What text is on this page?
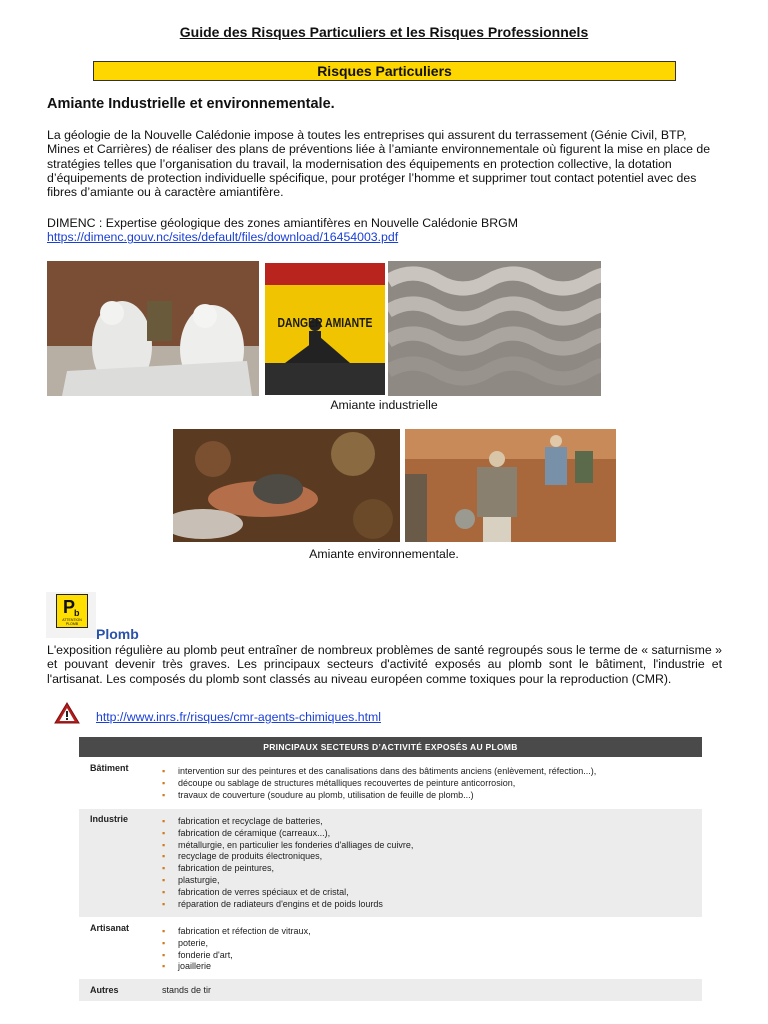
Guide des Risques Particuliers et les Risques Professionnels
Risques Particuliers
Amiante Industrielle et environnementale.
La géologie de la Nouvelle Calédonie impose à toutes les entreprises qui assurent du terrassement (Génie Civil, BTP, Mines et Carrières) de réaliser des plans de préventions liée à l’amiante environnementale où figurent la mise en place de stratégies telles que l’organisation du travail, la modernisation des équipements en protection collective, la dotation d’équipements de protection individuelle spécifique, pour protéger l’homme et supprimer tout contact potentiel avec des fibres d’amiante ou à caractère amiantifère.
DIMENC : Expertise géologique des zones amiantifères en Nouvelle Calédonie BRGM
https://dimenc.gouv.nc/sites/default/files/download/16454003.pdf
DANGER AMIANTE
Amiante industrielle
Amiante environnementale.
P
b
ATTENTION PLOMB
Plomb
L'exposition régulière au plomb peut entraîner de nombreux problèmes de santé regroupés sous le terme de « saturnisme » et pouvant devenir très graves. Les principaux secteurs d'activité exposés au plomb sont le bâtiment, l'industrie et l'artisanat. Les composés du plomb sont classés au niveau européen comme toxiques pour la reproduction (CMR).
http://www.inrs.fr/risques/cmr-agents-chimiques.html
PRINCIPAUX SECTEURS D’ACTIVITÉ EXPOSÉS AU PLOMB
Bâtiment	▪ intervention sur des peintures et des canalisations dans des bâtiments anciens (enlèvement, réfection...),
▪ découpe ou sablage de structures métalliques recouvertes de peinture anticorrosion,
▪ travaux de couverture (soudure au plomb, utilisation de feuille de plomb...)
Industrie	▪ fabrication et recyclage de batteries,
▪ fabrication de céramique (carreaux...),
▪ métallurgie, en particulier les fonderies d'alliages de cuivre,
▪ recyclage de produits électroniques,
▪ fabrication de peintures,
▪ plasturgie,
▪ fabrication de verres spéciaux et de cristal,
▪ réparation de radiateurs d'engins et de poids lourds
Artisanat	▪ fabrication et réfection de vitraux,
▪ poterie,
▪ fonderie d'art,
▪ joaillerie
Autres	stands de tir
